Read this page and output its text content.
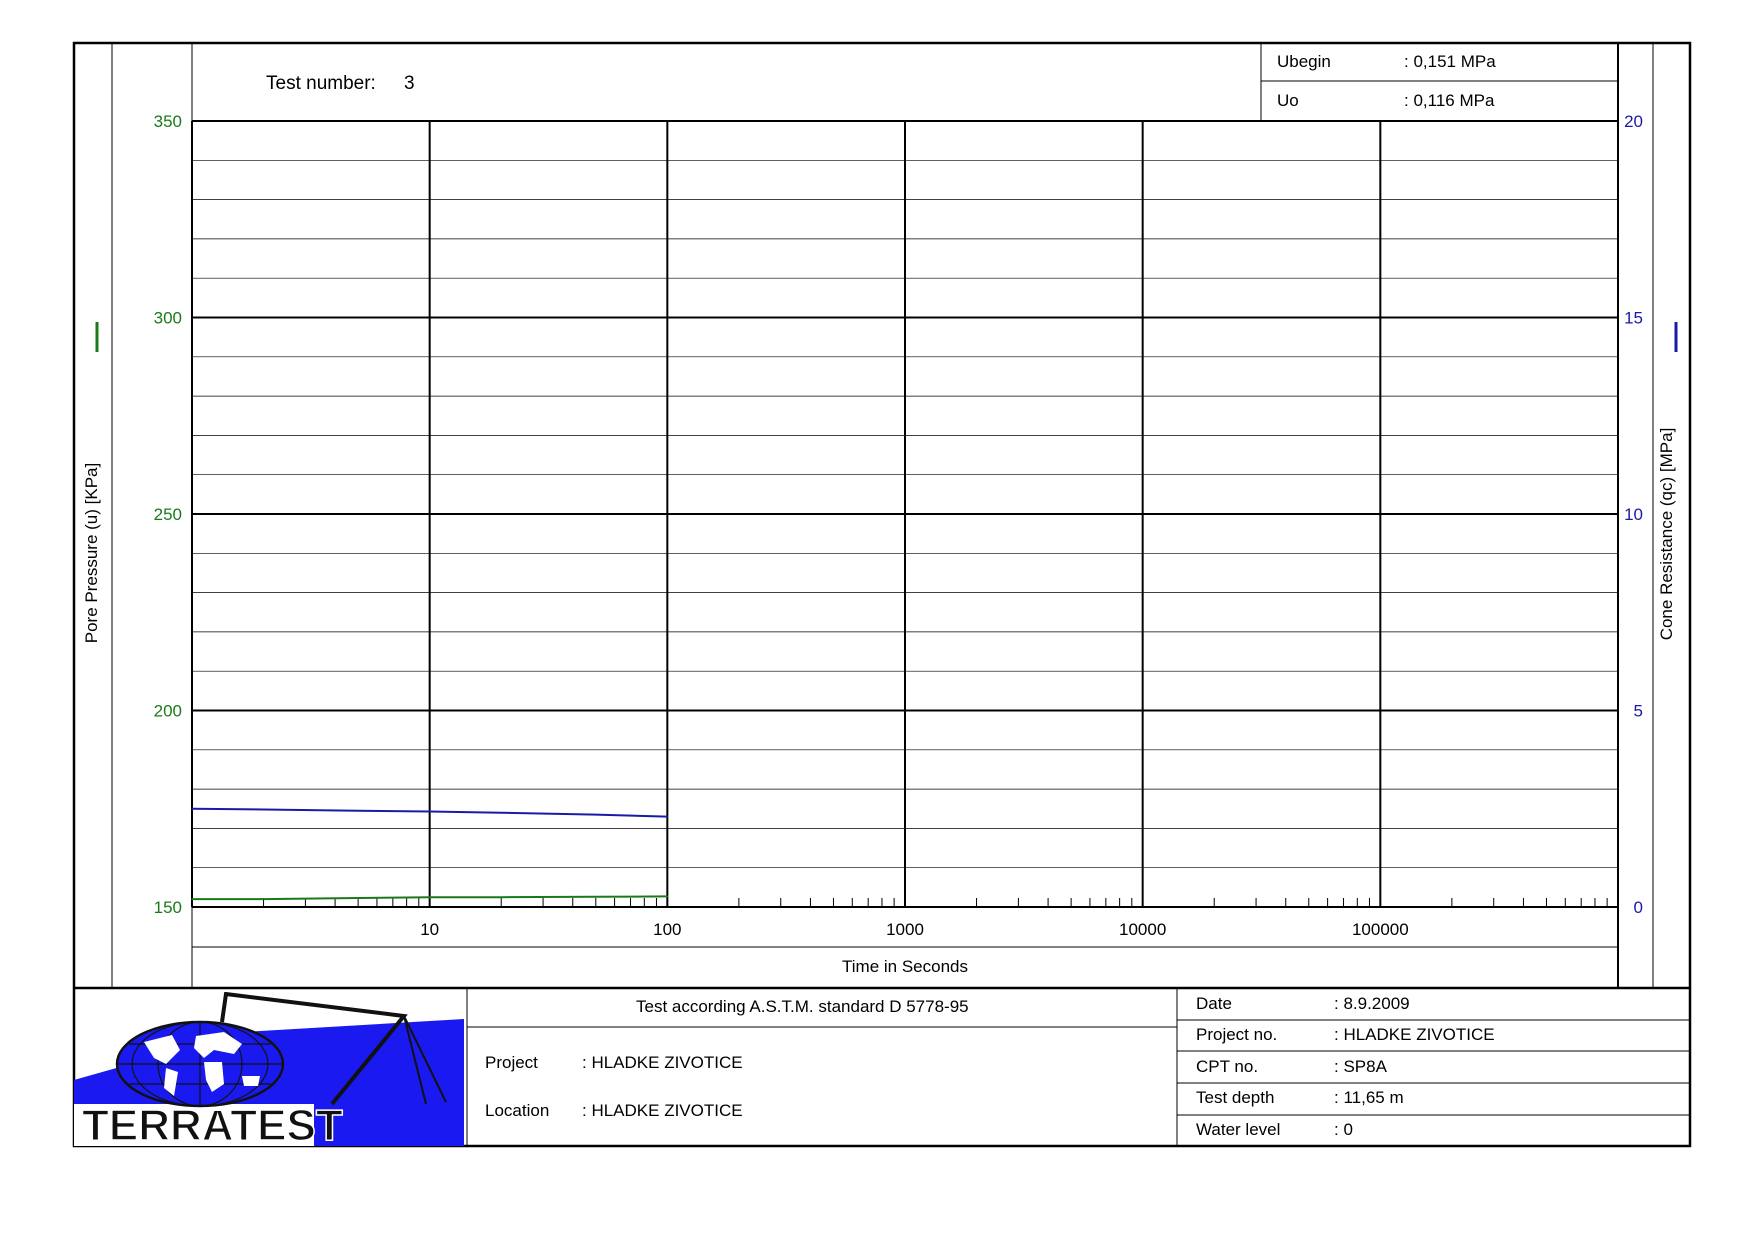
Test number: 3
Ubegin	: 0,151 MPa
Uo	: 0,116 MPa
10	100	1000	10000	100000
150
200
250
300
350
0
5
10
15
20
Time in Seconds
Pore Pressure (u) [KPa]	Cone Resistance (qc) [MPa]
TERRATEST
Test according A.S.T.M. standard D 5778-95
Project	: HLADKE ZIVOTICE
Location : HLADKE ZIVOTICE
Date	: 8.9.2009
Project no.	: HLADKE ZIVOTICE
CPT no.	: SP8A
Test depth	: 11,65 m
Water level	: 0
